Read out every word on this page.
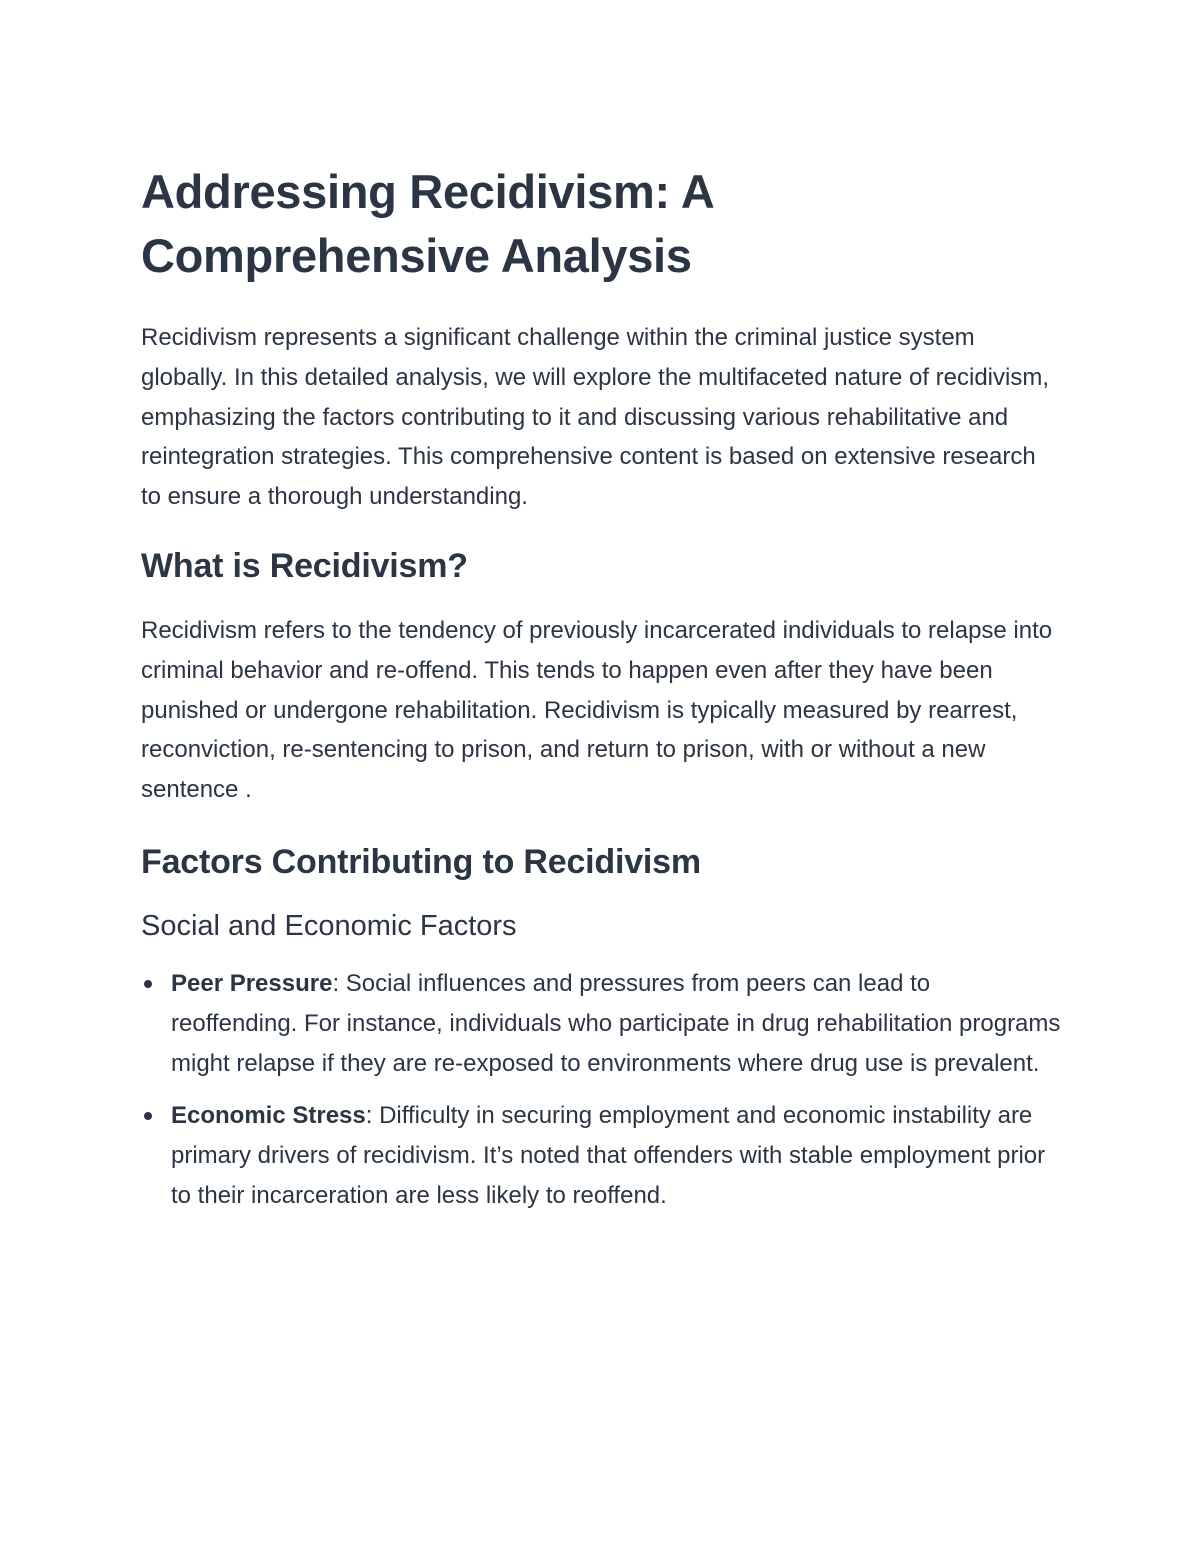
Addressing Recidivism: A Comprehensive Analysis

Recidivism represents a significant challenge within the criminal justice system globally. In this detailed analysis, we will explore the multifaceted nature of recidivism, emphasizing the factors contributing to it and discussing various rehabilitative and reintegration strategies. This comprehensive content is based on extensive research to ensure a thorough understanding.

What is Recidivism?

Recidivism refers to the tendency of previously incarcerated individuals to relapse into criminal behavior and re-offend. This tends to happen even after they have been punished or undergone rehabilitation. Recidivism is typically measured by rearrest, reconviction, re-sentencing to prison, and return to prison, with or without a new sentence .

Factors Contributing to Recidivism
Social and Economic Factors
Peer Pressure: Social influences and pressures from peers can lead to reoffending. For instance, individuals who participate in drug rehabilitation programs might relapse if they are re-exposed to environments where drug use is prevalent.
Economic Stress: Difficulty in securing employment and economic instability are primary drivers of recidivism. It’s noted that offenders with stable employment prior to their incarceration are less likely to reoffend.
